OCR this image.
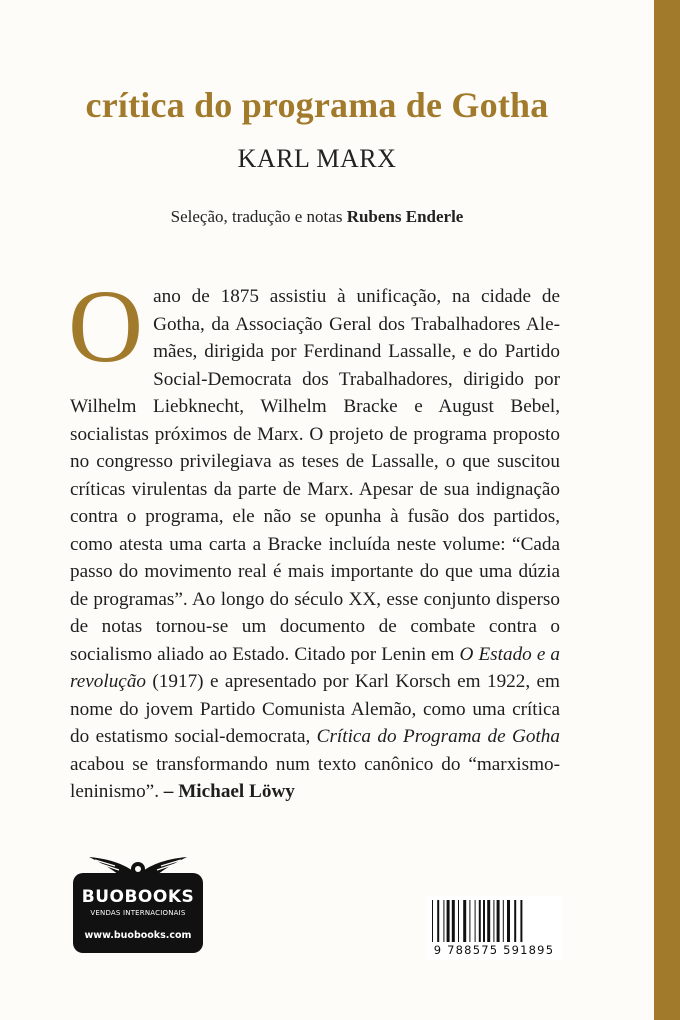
crítica do programa de Gotha
KARL MARX
Seleção, tradução e notas Rubens Enderle

Oano de 1875 assistiu à unificação, na cidade de Gotha, da Associação Geral dos Trabalhadores Alemães, dirigida por Ferdinand Lassalle, e do Partido Social-Democrata dos Trabalhadores, dirigido por Wilhelm Liebknecht, Wilhelm Bracke e August Bebel, socialistas próximos de Marx. O projeto de programa proposto no congresso privilegiava as teses de Lassalle, o que suscitou críticas virulentas da parte de Marx. Apesar de sua indignação contra o programa, ele não se opunha à fusão dos partidos, como atesta uma carta a Bracke incluída neste volume: “Cada passo do movimento real é mais importante do que uma dúzia de programas”. Ao longo do século XX, esse conjunto disperso de notas tornou-se um documento de combate contra o socialismo aliado ao Estado. Citado por Lenin em O Estado e a revolução (1917) e apresentado por Karl Korsch em 1922, em nome do jovem Partido Comunista Alemão, como uma crítica do estatismo social-democrata, Crítica do Programa de Gotha acabou se transformando num texto canônico do “marxismo-leninismo”. – Michael Löwy

BUOBOOKS
VENDAS INTERNACIONAIS
www.buobooks.com
9 788575 591895
